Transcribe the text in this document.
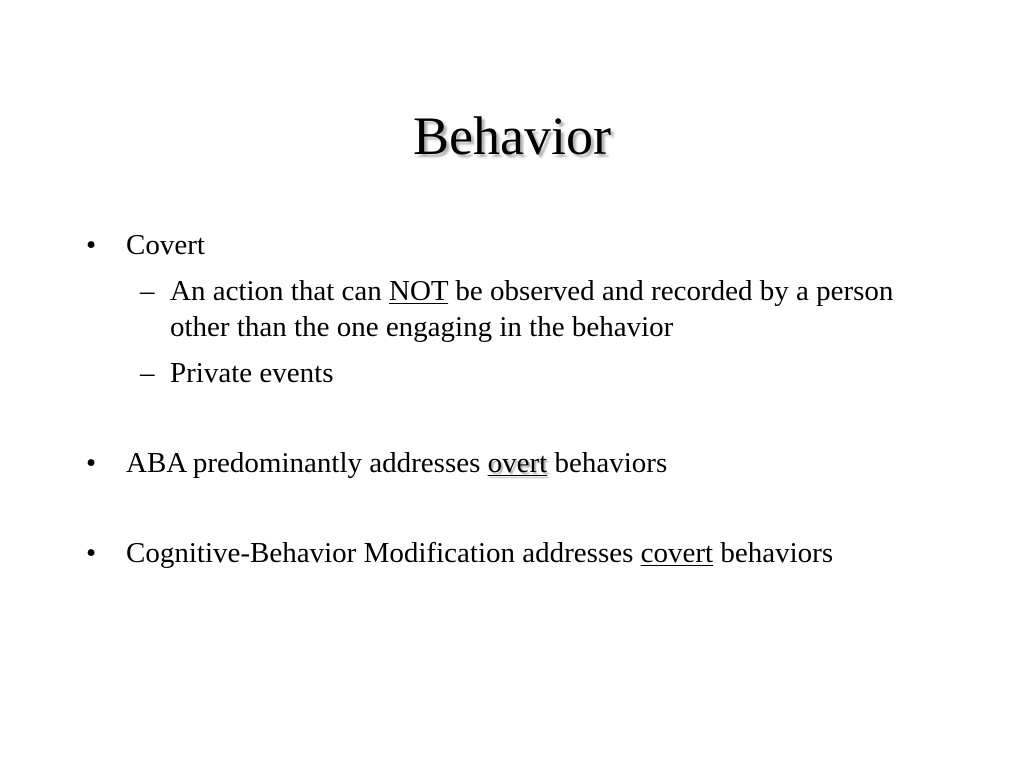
Behavior
•	Covert
– An action that can NOT be observed and recorded by a person other than the one engaging in the behavior
– Private events
•	ABA predominantly addresses overt behaviors
•	Cognitive-Behavior Modification addresses covert behaviors
